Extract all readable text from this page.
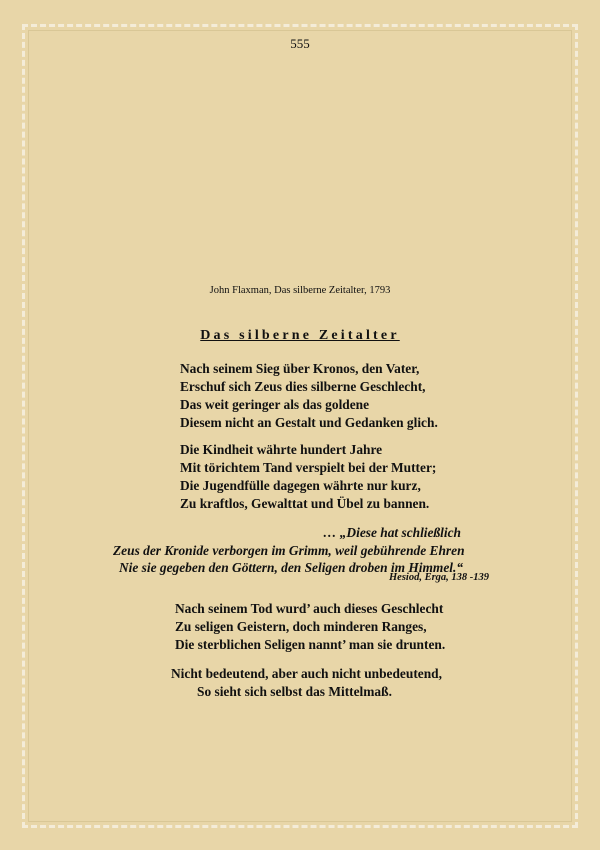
555
John Flaxman, Das silberne Zeitalter, 1793
Das silberne Zeitalter
Nach seinem Sieg über Kronos, den Vater,
Erschuf sich Zeus dies silberne Geschlecht,
Das weit geringer als das goldene
Diesem nicht an Gestalt und Gedanken glich.
Die Kindheit währte hundert Jahre
Mit törichtem Tand verspielt bei der Mutter;
Die Jugendfülle dagegen währte nur kurz,
Zu kraftlos, Gewalttat und Übel zu bannen.
… „Diese hat schließlich
Zeus der Kronide verborgen im Grimm, weil gebührende Ehren
Nie sie gegeben den Göttern, den Seligen droben im Himmel.“
Hesiod, Erga, 138 -139
Nach seinem Tod wurd’ auch dieses Geschlecht
Zu seligen Geistern, doch minderen Ranges,
Die sterblichen Seligen nannt’ man sie drunten.
Nicht bedeutend, aber auch nicht unbedeutend,
So sieht sich selbst das Mittelmaß.
